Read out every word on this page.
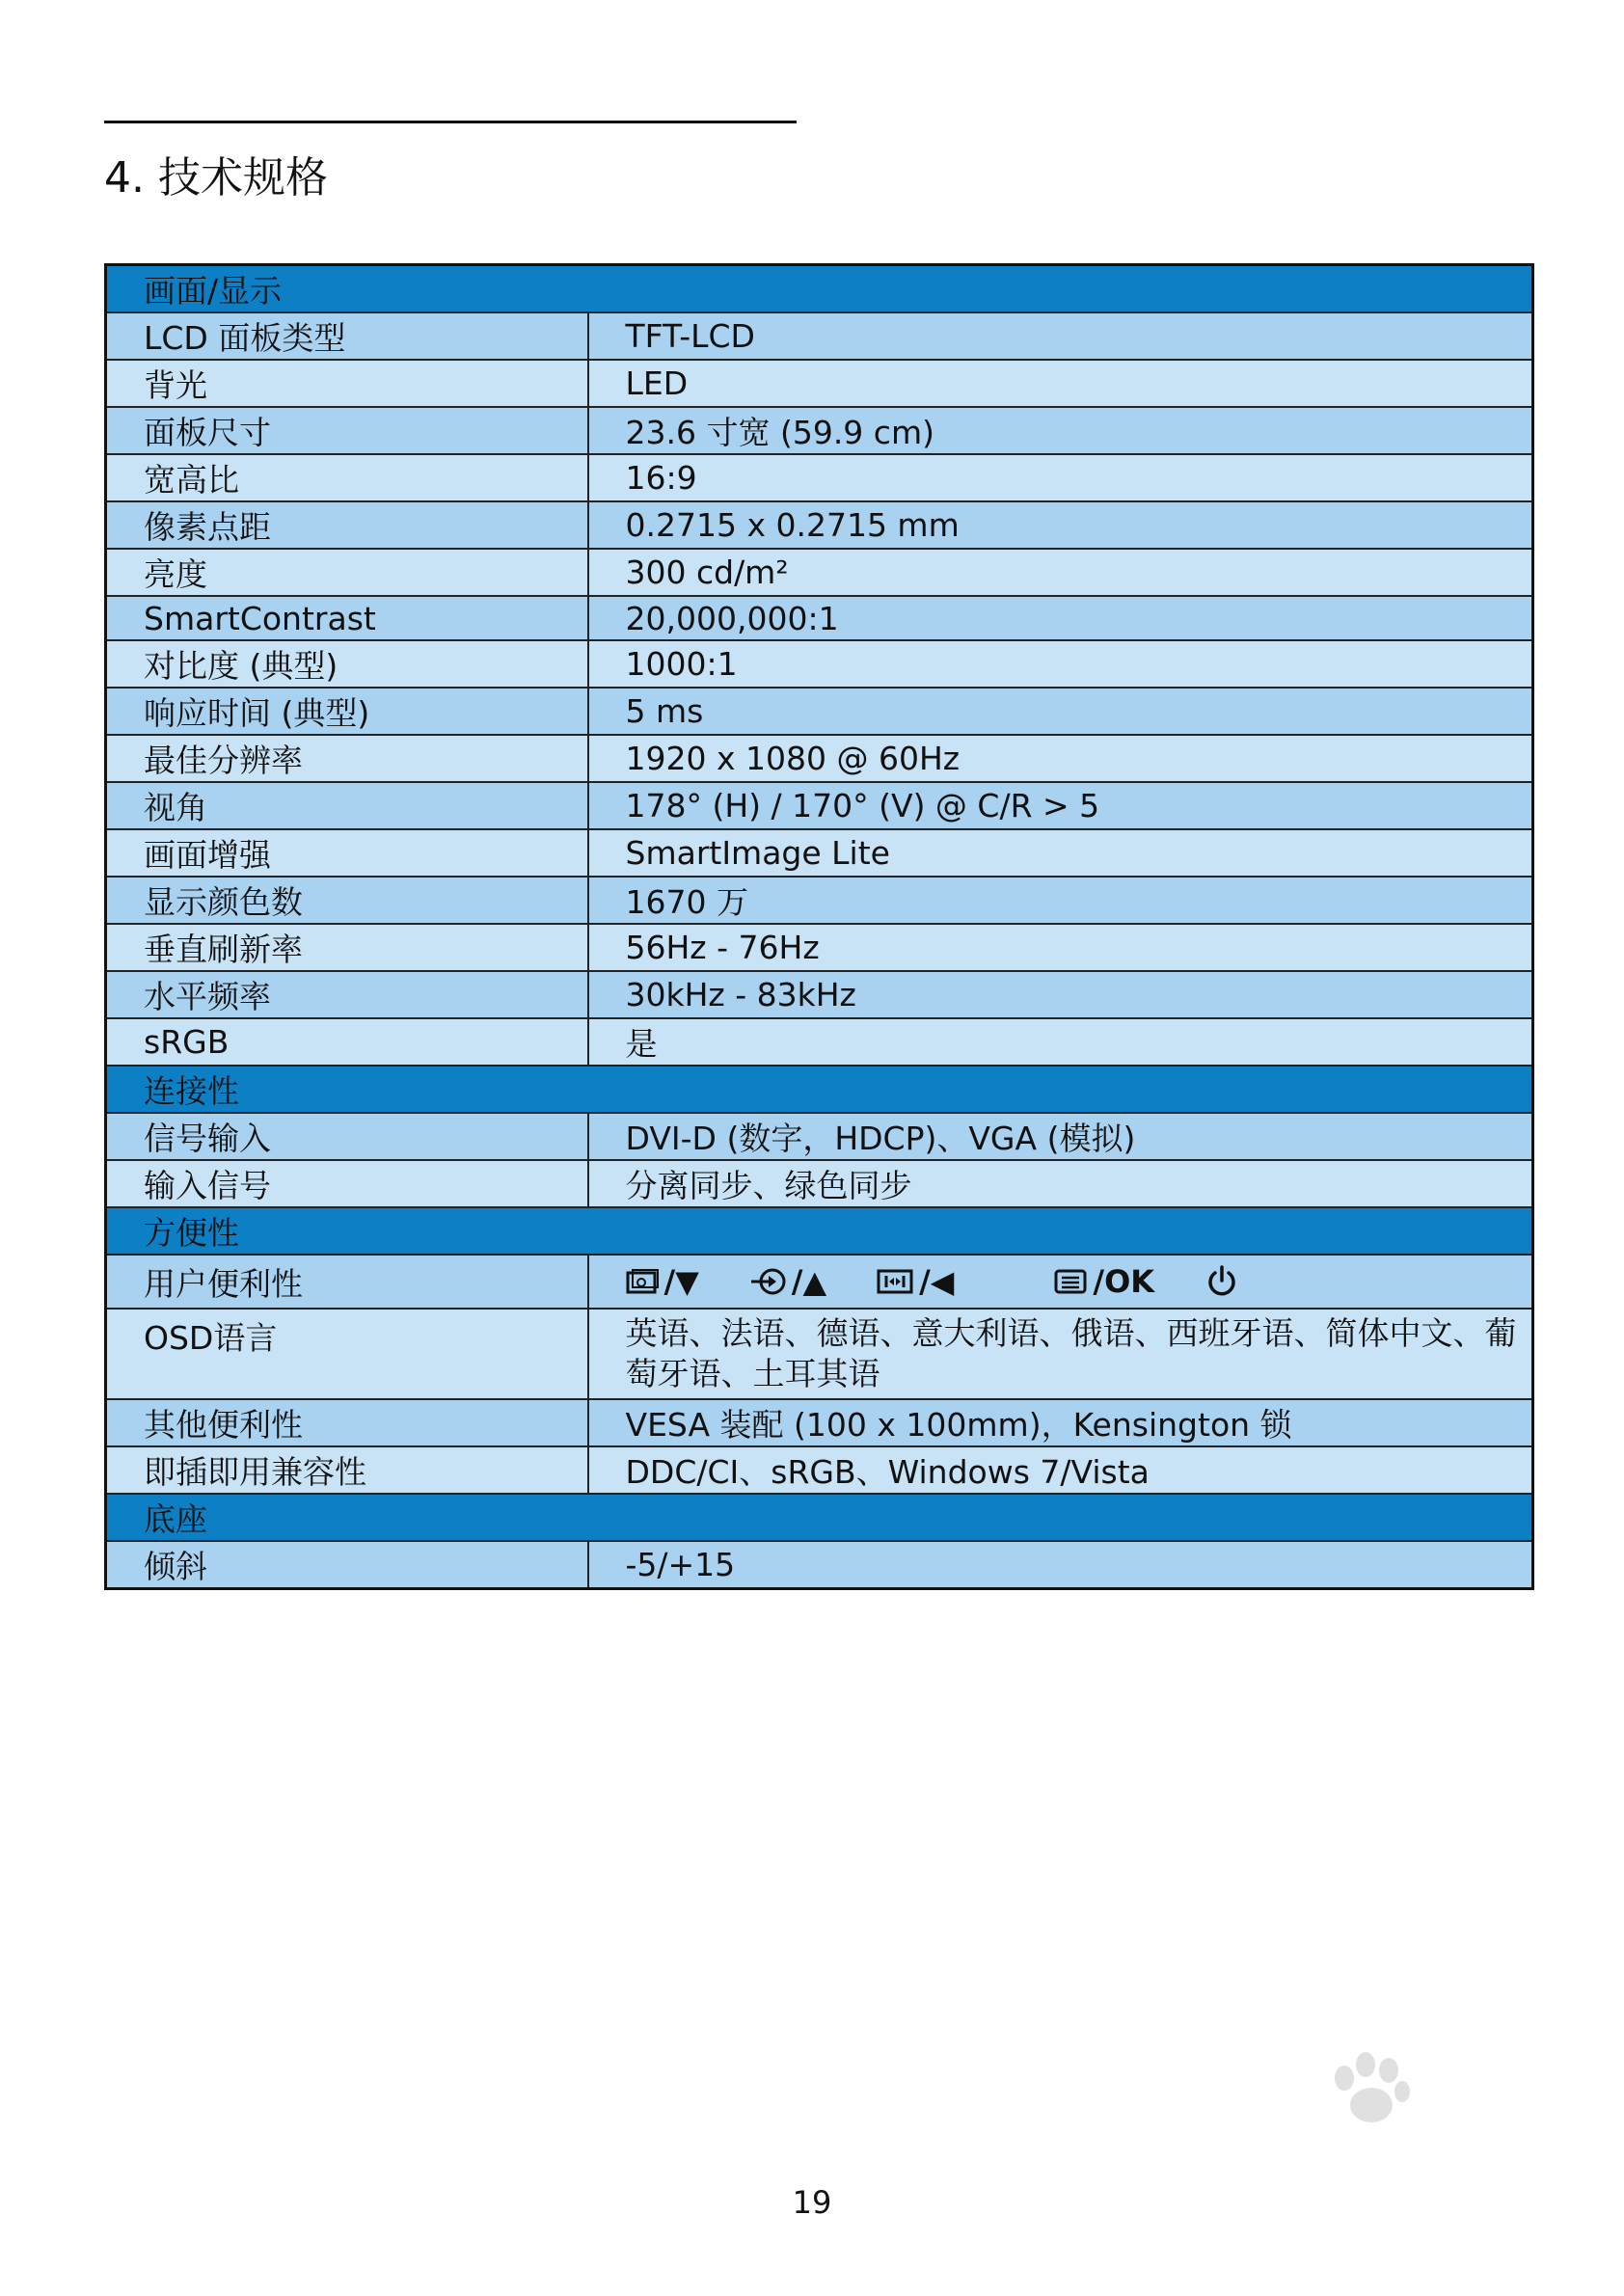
4. 技术规格
画面/显示	
LCD 面板类型	TFT-LCD
背光	LED
面板尺寸	23.6 寸宽 (59.9 cm)
宽高比	16:9
像素点距	0.2715 x 0.2715 mm
亮度	300 cd/m²
SmartContrast	20,000,000:1
对比度 (典型)	1000:1
响应时间 (典型)	5 ms
最佳分辨率	1920 x 1080 @ 60Hz
视角	178° (H) / 170° (V) @ C/R > 5
画面增强	SmartImage Lite
显示颜色数	1670 万
垂直刷新率	56Hz - 76Hz
水平频率	30kHz - 83kHz
sRGB	是
连接性	
信号输入	DVI-D (数字，HDCP)、VGA (模拟)
输入信号	分离同步、绿色同步
方便性	
用户便利性	/▼ /▲ /◀ /OK

OSD语言	英语、法语、德语、意大利语、俄语、西班牙语、简体中文、葡萄牙语、土耳其语
其他便利性	VESA 装配 (100 x 100mm)，Kensington 锁
即插即用兼容性	DDC/CI、sRGB、Windows 7/Vista
底座	
倾斜	-5/+15
19
